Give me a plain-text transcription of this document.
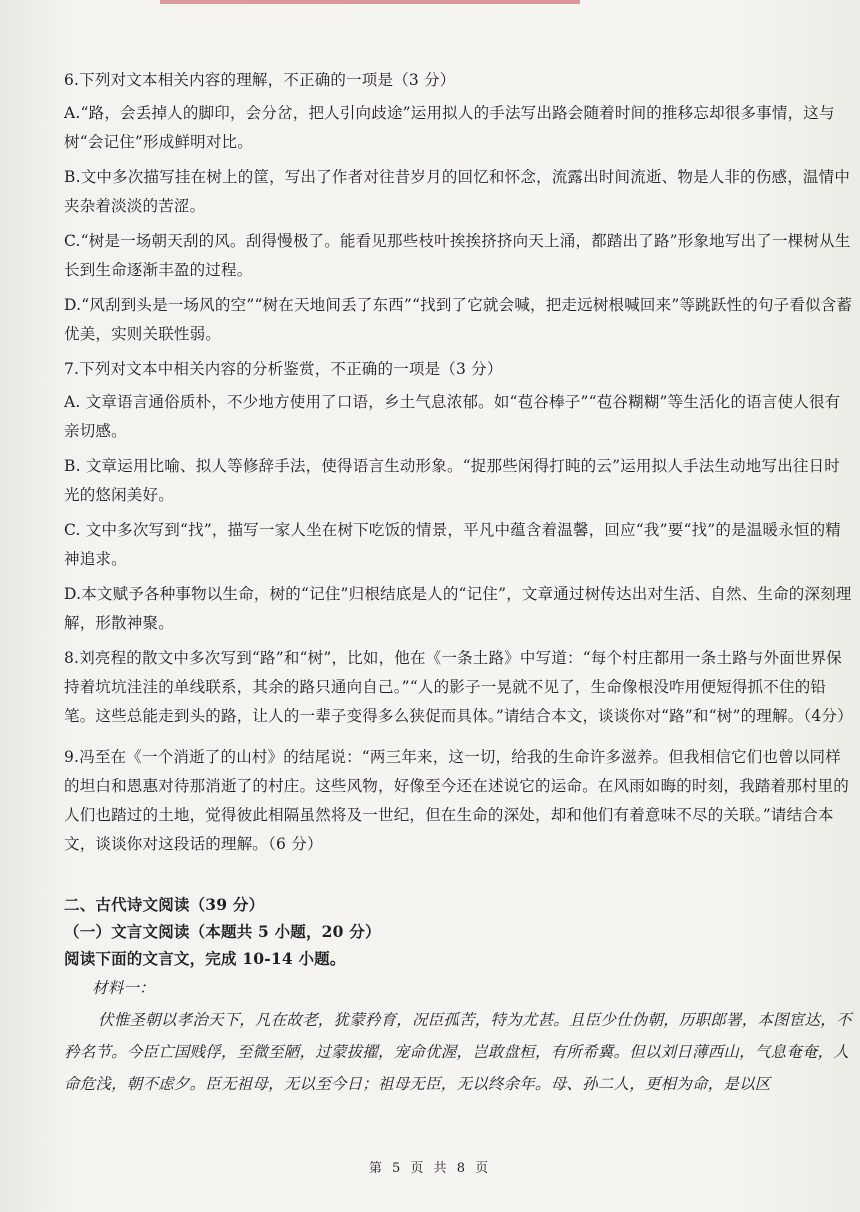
6.下列对文本相关内容的理解，不正确的一项是（3 分）

A.“路，会丢掉人的脚印，会分岔，把人引向歧途”运用拟人的手法写出路会随着时间的推移忘却很多事情，这与树“会记住”形成鲜明对比。

B.文中多次描写挂在树上的筐，写出了作者对往昔岁月的回忆和怀念，流露出时间流逝、物是人非的伤感，温情中夹杂着淡淡的苦涩。

C.“树是一场朝天刮的风。刮得慢极了。能看见那些枝叶挨挨挤挤向天上涌，都踏出了路”形象地写出了一棵树从生长到生命逐渐丰盈的过程。

D.“风刮到头是一场风的空”“树在天地间丢了东西”“找到了它就会喊，把走远树根喊回来”等跳跃性的句子看似含蓄优美，实则关联性弱。

7.下列对文本中相关内容的分析鉴赏，不正确的一项是（3 分）

A. 文章语言通俗质朴，不少地方使用了口语，乡土气息浓郁。如“苞谷棒子”“苞谷糊糊”等生活化的语言使人很有亲切感。

B. 文章运用比喻、拟人等修辞手法，使得语言生动形象。“捉那些闲得打盹的云”运用拟人手法生动地写出往日时光的悠闲美好。

C. 文中多次写到“找”，描写一家人坐在树下吃饭的情景，平凡中蕴含着温馨，回应“我”要“找”的是温暖永恒的精神追求。

D.本文赋予各种事物以生命，树的“记住”归根结底是人的“记住”，文章通过树传达出对生活、自然、生命的深刻理解，形散神聚。

8.刘亮程的散文中多次写到“路”和“树”，比如，他在《一条土路》中写道：“每个村庄都用一条土路与外面世界保持着坑坑洼洼的单线联系，其余的路只通向自己。”“人的影子一晃就不见了，生命像根没咋用便短得抓不住的铅笔。这些总能走到头的路，让人的一辈子变得多么狭促而具体。”请结合本文，谈谈你对“路”和“树”的理解。（4分）

9.冯至在《一个消逝了的山村》的结尾说：“两三年来，这一切，给我的生命许多滋养。但我相信它们也曾以同样的坦白和恩惠对待那消逝了的村庄。这些风物，好像至今还在述说它的运命。在风雨如晦的时刻，我踏着那村里的人们也踏过的土地，觉得彼此相隔虽然将及一世纪，但在生命的深处，却和他们有着意味不尽的关联。”请结合本文，谈谈你对这段话的理解。（6 分）

二、古代诗文阅读（39 分）

（一）文言文阅读（本题共 5 小题，20 分）

阅读下面的文言文，完成 10-14 小题。

材料一：
伏惟圣朝以孝治天下，凡在故老，犹蒙矜育，况臣孤苦，特为尤甚。且臣少仕伪朝，历职郎署，本图宦达，不矜名节。今臣亡国贱俘，至微至陋，过蒙拔擢，宠命优渥，岂敢盘桓，有所希冀。但以刘日薄西山，气息奄奄，人命危浅，朝不虑夕。臣无祖母，无以至今日；祖母无臣，无以终余年。母、孙二人，更相为命，是以区
第 5 页 共 8 页
